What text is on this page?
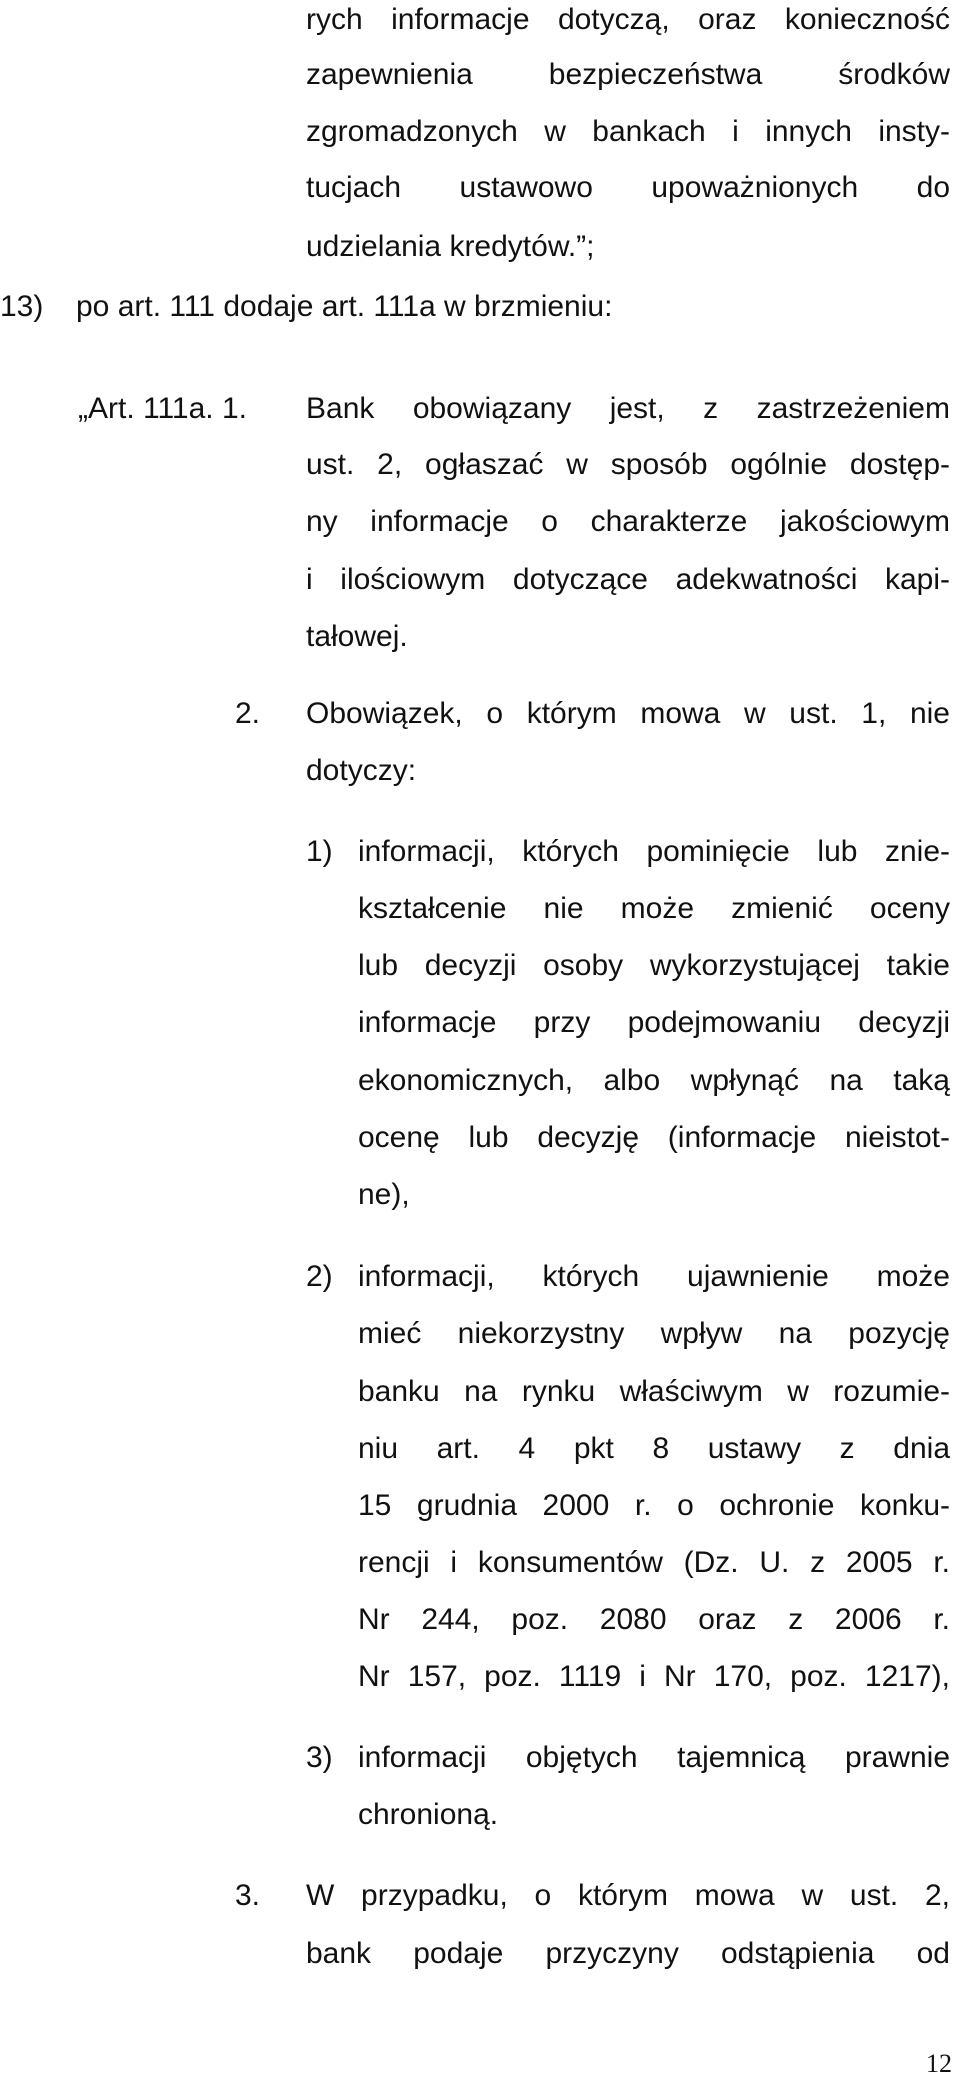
rych informacje dotyczą, oraz konieczność
zapewnienia bezpieczeństwa środków
zgromadzonych w bankach i innych insty-
tucjach ustawowo upoważnionych do
udzielania kredytów.”;
13) po art. 111 dodaje art. 111a w brzmieniu:
„Art. 111a. 1. Bank obowiązany jest, z zastrzeżeniem
ust. 2, ogłaszać w sposób ogólnie dostęp-
ny informacje o charakterze jakościowym
i ilościowym dotyczące adekwatności kapi-
tałowej.
2. Obowiązek, o którym mowa w ust. 1, nie
dotyczy:
1) informacji, których pominięcie lub znie-
kształcenie nie może zmienić oceny
lub decyzji osoby wykorzystującej takie
informacje przy podejmowaniu decyzji
ekonomicznych, albo wpłynąć na taką
ocenę lub decyzję (informacje nieistot-
ne),
2) informacji, których ujawnienie może
mieć niekorzystny wpływ na pozycję
banku na rynku właściwym w rozumie-
niu art. 4 pkt 8 ustawy z dnia
15 grudnia 2000 r. o ochronie konku-
rencji i konsumentów (Dz. U. z 2005 r.
Nr 244, poz. 2080 oraz z 2006 r.
Nr 157, poz. 1119 i Nr 170, poz. 1217),
3) informacji objętych tajemnicą prawnie
chronioną.
3. W przypadku, o którym mowa w ust. 2,
bank podaje przyczyny odstąpienia od
12
